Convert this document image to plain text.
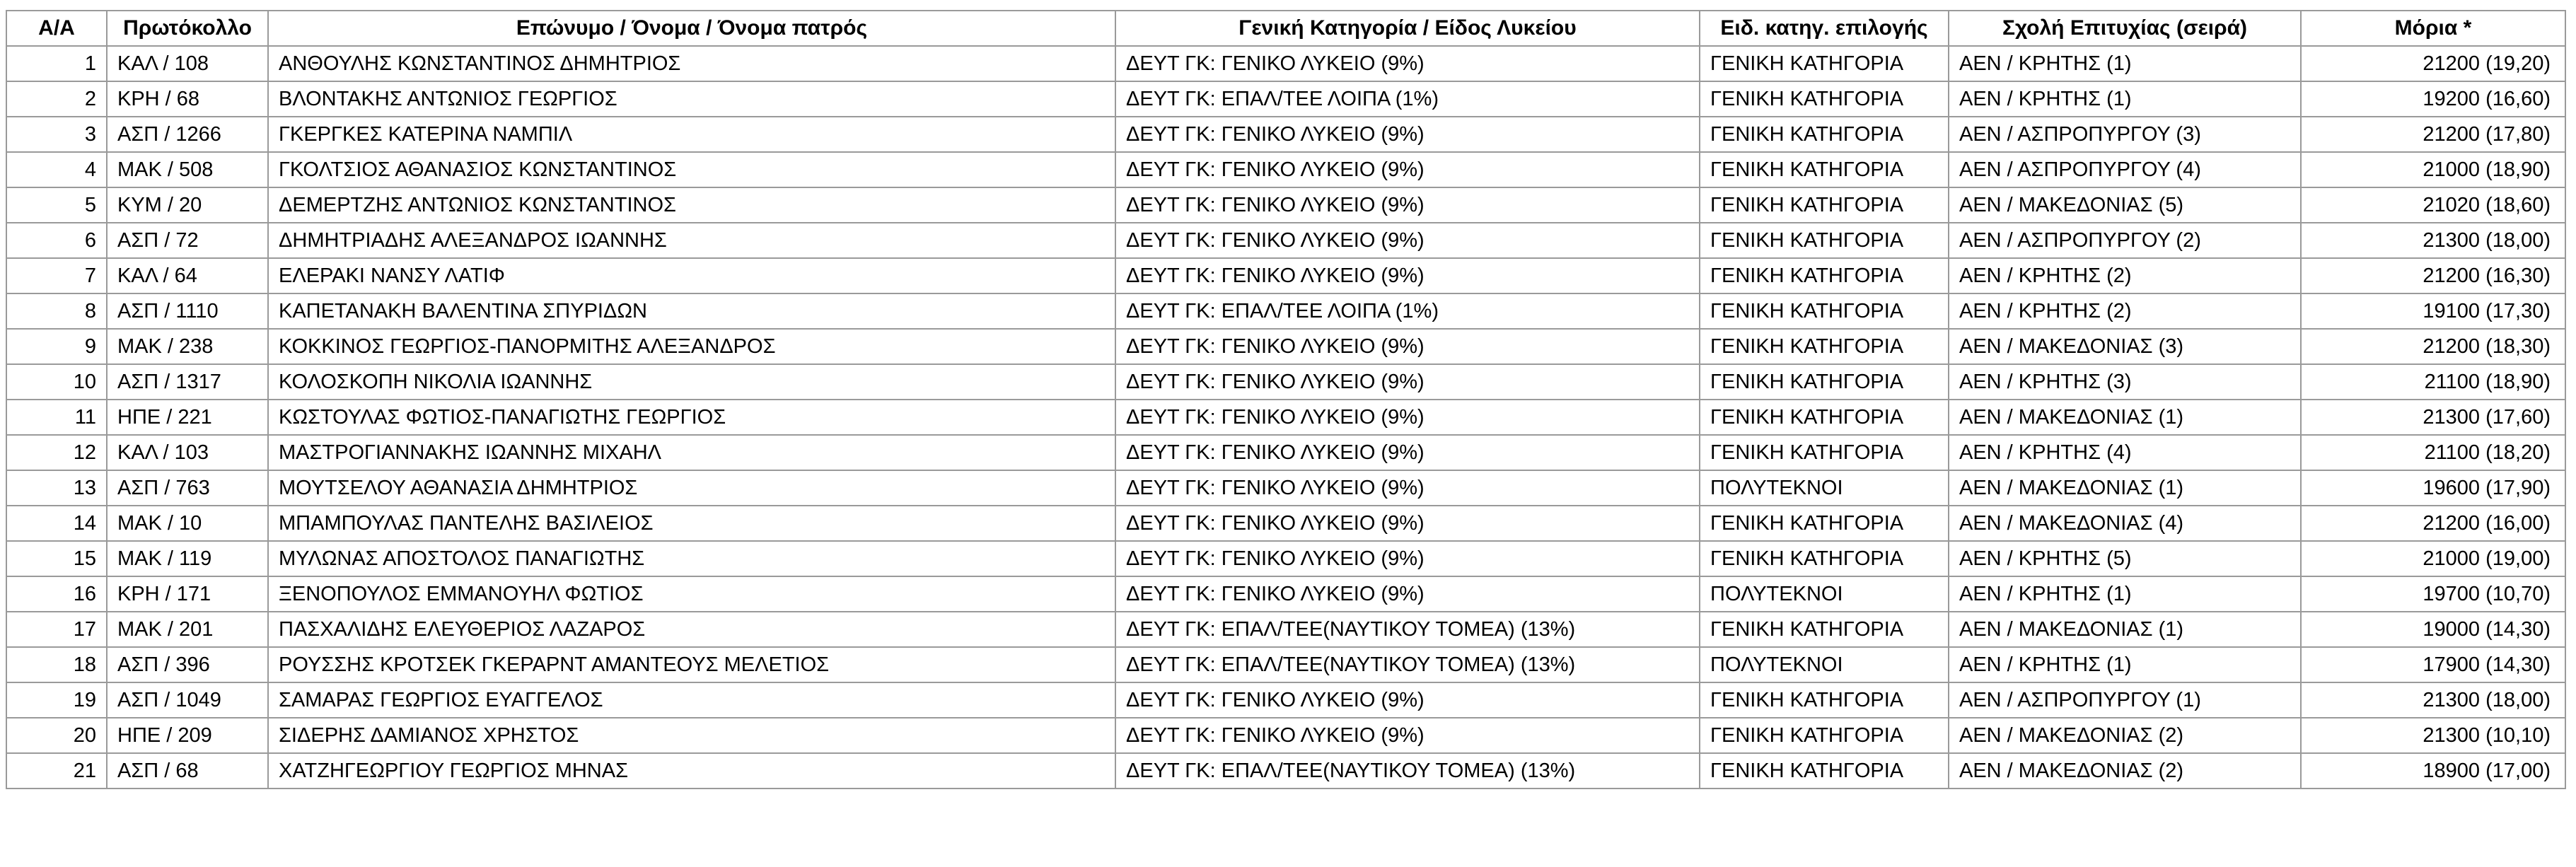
Α/Α	Πρωτόκολλο	Επώνυμο / Όνομα / Όνομα πατρός	Γενική Κατηγορία / Είδος Λυκείου	Ειδ. κατηγ. επιλογής	Σχολή Επιτυχίας (σειρά)	Μόρια *
1	ΚΑΛ / 108	ΑΝΘΟΥΛΗΣ ΚΩΝΣΤΑΝΤΙΝΟΣ ΔΗΜΗΤΡΙΟΣ	ΔΕΥΤ ΓΚ: ΓΕΝΙΚΟ ΛΥΚΕΙΟ (9%)	ΓΕΝΙΚΗ ΚΑΤΗΓΟΡΙΑ	ΑΕΝ / ΚΡΗΤΗΣ (1)	21200 (19,20)
2	ΚΡΗ / 68	ΒΛΟΝΤΑΚΗΣ ΑΝΤΩΝΙΟΣ ΓΕΩΡΓΙΟΣ	ΔΕΥΤ ΓΚ: ΕΠΑΛ/ΤΕΕ ΛΟΙΠΑ (1%)	ΓΕΝΙΚΗ ΚΑΤΗΓΟΡΙΑ	ΑΕΝ / ΚΡΗΤΗΣ (1)	19200 (16,60)
3	ΑΣΠ / 1266	ΓΚΕΡΓΚΕΣ ΚΑΤΕΡΙΝΑ ΝΑΜΠΙΛ	ΔΕΥΤ ΓΚ: ΓΕΝΙΚΟ ΛΥΚΕΙΟ (9%)	ΓΕΝΙΚΗ ΚΑΤΗΓΟΡΙΑ	ΑΕΝ / ΑΣΠΡΟΠΥΡΓΟΥ (3)	21200 (17,80)
4	ΜΑΚ / 508	ΓΚΟΛΤΣΙΟΣ ΑΘΑΝΑΣΙΟΣ ΚΩΝΣΤΑΝΤΙΝΟΣ	ΔΕΥΤ ΓΚ: ΓΕΝΙΚΟ ΛΥΚΕΙΟ (9%)	ΓΕΝΙΚΗ ΚΑΤΗΓΟΡΙΑ	ΑΕΝ / ΑΣΠΡΟΠΥΡΓΟΥ (4)	21000 (18,90)
5	ΚΥΜ / 20	ΔΕΜΕΡΤΖΗΣ ΑΝΤΩΝΙΟΣ ΚΩΝΣΤΑΝΤΙΝΟΣ	ΔΕΥΤ ΓΚ: ΓΕΝΙΚΟ ΛΥΚΕΙΟ (9%)	ΓΕΝΙΚΗ ΚΑΤΗΓΟΡΙΑ	ΑΕΝ / ΜΑΚΕΔΟΝΙΑΣ (5)	21020 (18,60)
6	ΑΣΠ / 72	ΔΗΜΗΤΡΙΑΔΗΣ ΑΛΕΞΑΝΔΡΟΣ ΙΩΑΝΝΗΣ	ΔΕΥΤ ΓΚ: ΓΕΝΙΚΟ ΛΥΚΕΙΟ (9%)	ΓΕΝΙΚΗ ΚΑΤΗΓΟΡΙΑ	ΑΕΝ / ΑΣΠΡΟΠΥΡΓΟΥ (2)	21300 (18,00)
7	ΚΑΛ / 64	ΕΛΕΡΑΚΙ ΝΑΝΣΥ ΛΑΤΙΦ	ΔΕΥΤ ΓΚ: ΓΕΝΙΚΟ ΛΥΚΕΙΟ (9%)	ΓΕΝΙΚΗ ΚΑΤΗΓΟΡΙΑ	ΑΕΝ / ΚΡΗΤΗΣ (2)	21200 (16,30)
8	ΑΣΠ / 1110	ΚΑΠΕΤΑΝΑΚΗ ΒΑΛΕΝΤΙΝΑ ΣΠΥΡΙΔΩΝ	ΔΕΥΤ ΓΚ: ΕΠΑΛ/ΤΕΕ ΛΟΙΠΑ (1%)	ΓΕΝΙΚΗ ΚΑΤΗΓΟΡΙΑ	ΑΕΝ / ΚΡΗΤΗΣ (2)	19100 (17,30)
9	ΜΑΚ / 238	ΚΟΚΚΙΝΟΣ ΓΕΩΡΓΙΟΣ-ΠΑΝΟΡΜΙΤΗΣ ΑΛΕΞΑΝΔΡΟΣ	ΔΕΥΤ ΓΚ: ΓΕΝΙΚΟ ΛΥΚΕΙΟ (9%)	ΓΕΝΙΚΗ ΚΑΤΗΓΟΡΙΑ	ΑΕΝ / ΜΑΚΕΔΟΝΙΑΣ (3)	21200 (18,30)
10	ΑΣΠ / 1317	ΚΟΛΟΣΚΟΠΗ ΝΙΚΟΛΙΑ ΙΩΑΝΝΗΣ	ΔΕΥΤ ΓΚ: ΓΕΝΙΚΟ ΛΥΚΕΙΟ (9%)	ΓΕΝΙΚΗ ΚΑΤΗΓΟΡΙΑ	ΑΕΝ / ΚΡΗΤΗΣ (3)	21100 (18,90)
11	ΗΠΕ / 221	ΚΩΣΤΟΥΛΑΣ ΦΩΤΙΟΣ-ΠΑΝΑΓΙΩΤΗΣ ΓΕΩΡΓΙΟΣ	ΔΕΥΤ ΓΚ: ΓΕΝΙΚΟ ΛΥΚΕΙΟ (9%)	ΓΕΝΙΚΗ ΚΑΤΗΓΟΡΙΑ	ΑΕΝ / ΜΑΚΕΔΟΝΙΑΣ (1)	21300 (17,60)
12	ΚΑΛ / 103	ΜΑΣΤΡΟΓΙΑΝΝΑΚΗΣ ΙΩΑΝΝΗΣ ΜΙΧΑΗΛ	ΔΕΥΤ ΓΚ: ΓΕΝΙΚΟ ΛΥΚΕΙΟ (9%)	ΓΕΝΙΚΗ ΚΑΤΗΓΟΡΙΑ	ΑΕΝ / ΚΡΗΤΗΣ (4)	21100 (18,20)
13	ΑΣΠ / 763	ΜΟΥΤΣΕΛΟΥ ΑΘΑΝΑΣΙΑ ΔΗΜΗΤΡΙΟΣ	ΔΕΥΤ ΓΚ: ΓΕΝΙΚΟ ΛΥΚΕΙΟ (9%)	ΠΟΛΥΤΕΚΝΟΙ	ΑΕΝ / ΜΑΚΕΔΟΝΙΑΣ (1)	19600 (17,90)
14	ΜΑΚ / 10	ΜΠΑΜΠΟΥΛΑΣ ΠΑΝΤΕΛΗΣ ΒΑΣΙΛΕΙΟΣ	ΔΕΥΤ ΓΚ: ΓΕΝΙΚΟ ΛΥΚΕΙΟ (9%)	ΓΕΝΙΚΗ ΚΑΤΗΓΟΡΙΑ	ΑΕΝ / ΜΑΚΕΔΟΝΙΑΣ (4)	21200 (16,00)
15	ΜΑΚ / 119	ΜΥΛΩΝΑΣ ΑΠΟΣΤΟΛΟΣ ΠΑΝΑΓΙΩΤΗΣ	ΔΕΥΤ ΓΚ: ΓΕΝΙΚΟ ΛΥΚΕΙΟ (9%)	ΓΕΝΙΚΗ ΚΑΤΗΓΟΡΙΑ	ΑΕΝ / ΚΡΗΤΗΣ (5)	21000 (19,00)
16	ΚΡΗ / 171	ΞΕΝΟΠΟΥΛΟΣ ΕΜΜΑΝΟΥΗΛ ΦΩΤΙΟΣ	ΔΕΥΤ ΓΚ: ΓΕΝΙΚΟ ΛΥΚΕΙΟ (9%)	ΠΟΛΥΤΕΚΝΟΙ	ΑΕΝ / ΚΡΗΤΗΣ (1)	19700 (10,70)
17	ΜΑΚ / 201	ΠΑΣΧΑΛΙΔΗΣ ΕΛΕΥΘΕΡΙΟΣ ΛΑΖΑΡΟΣ	ΔΕΥΤ ΓΚ: ΕΠΑΛ/ΤΕΕ(ΝΑΥΤΙΚΟΥ ΤΟΜΕΑ) (13%)	ΓΕΝΙΚΗ ΚΑΤΗΓΟΡΙΑ	ΑΕΝ / ΜΑΚΕΔΟΝΙΑΣ (1)	19000 (14,30)
18	ΑΣΠ / 396	ΡΟΥΣΣΗΣ ΚΡΟΤΣΕΚ ΓΚΕΡΑΡΝΤ ΑΜΑΝΤΕΟΥΣ ΜΕΛΕΤΙΟΣ	ΔΕΥΤ ΓΚ: ΕΠΑΛ/ΤΕΕ(ΝΑΥΤΙΚΟΥ ΤΟΜΕΑ) (13%)	ΠΟΛΥΤΕΚΝΟΙ	ΑΕΝ / ΚΡΗΤΗΣ (1)	17900 (14,30)
19	ΑΣΠ / 1049	ΣΑΜΑΡΑΣ ΓΕΩΡΓΙΟΣ ΕΥΑΓΓΕΛΟΣ	ΔΕΥΤ ΓΚ: ΓΕΝΙΚΟ ΛΥΚΕΙΟ (9%)	ΓΕΝΙΚΗ ΚΑΤΗΓΟΡΙΑ	ΑΕΝ / ΑΣΠΡΟΠΥΡΓΟΥ (1)	21300 (18,00)
20	ΗΠΕ / 209	ΣΙΔΕΡΗΣ ΔΑΜΙΑΝΟΣ ΧΡΗΣΤΟΣ	ΔΕΥΤ ΓΚ: ΓΕΝΙΚΟ ΛΥΚΕΙΟ (9%)	ΓΕΝΙΚΗ ΚΑΤΗΓΟΡΙΑ	ΑΕΝ / ΜΑΚΕΔΟΝΙΑΣ (2)	21300 (10,10)
21	ΑΣΠ / 68	ΧΑΤΖΗΓΕΩΡΓΙΟΥ ΓΕΩΡΓΙΟΣ ΜΗΝΑΣ	ΔΕΥΤ ΓΚ: ΕΠΑΛ/ΤΕΕ(ΝΑΥΤΙΚΟΥ ΤΟΜΕΑ) (13%)	ΓΕΝΙΚΗ ΚΑΤΗΓΟΡΙΑ	ΑΕΝ / ΜΑΚΕΔΟΝΙΑΣ (2)	18900 (17,00)
